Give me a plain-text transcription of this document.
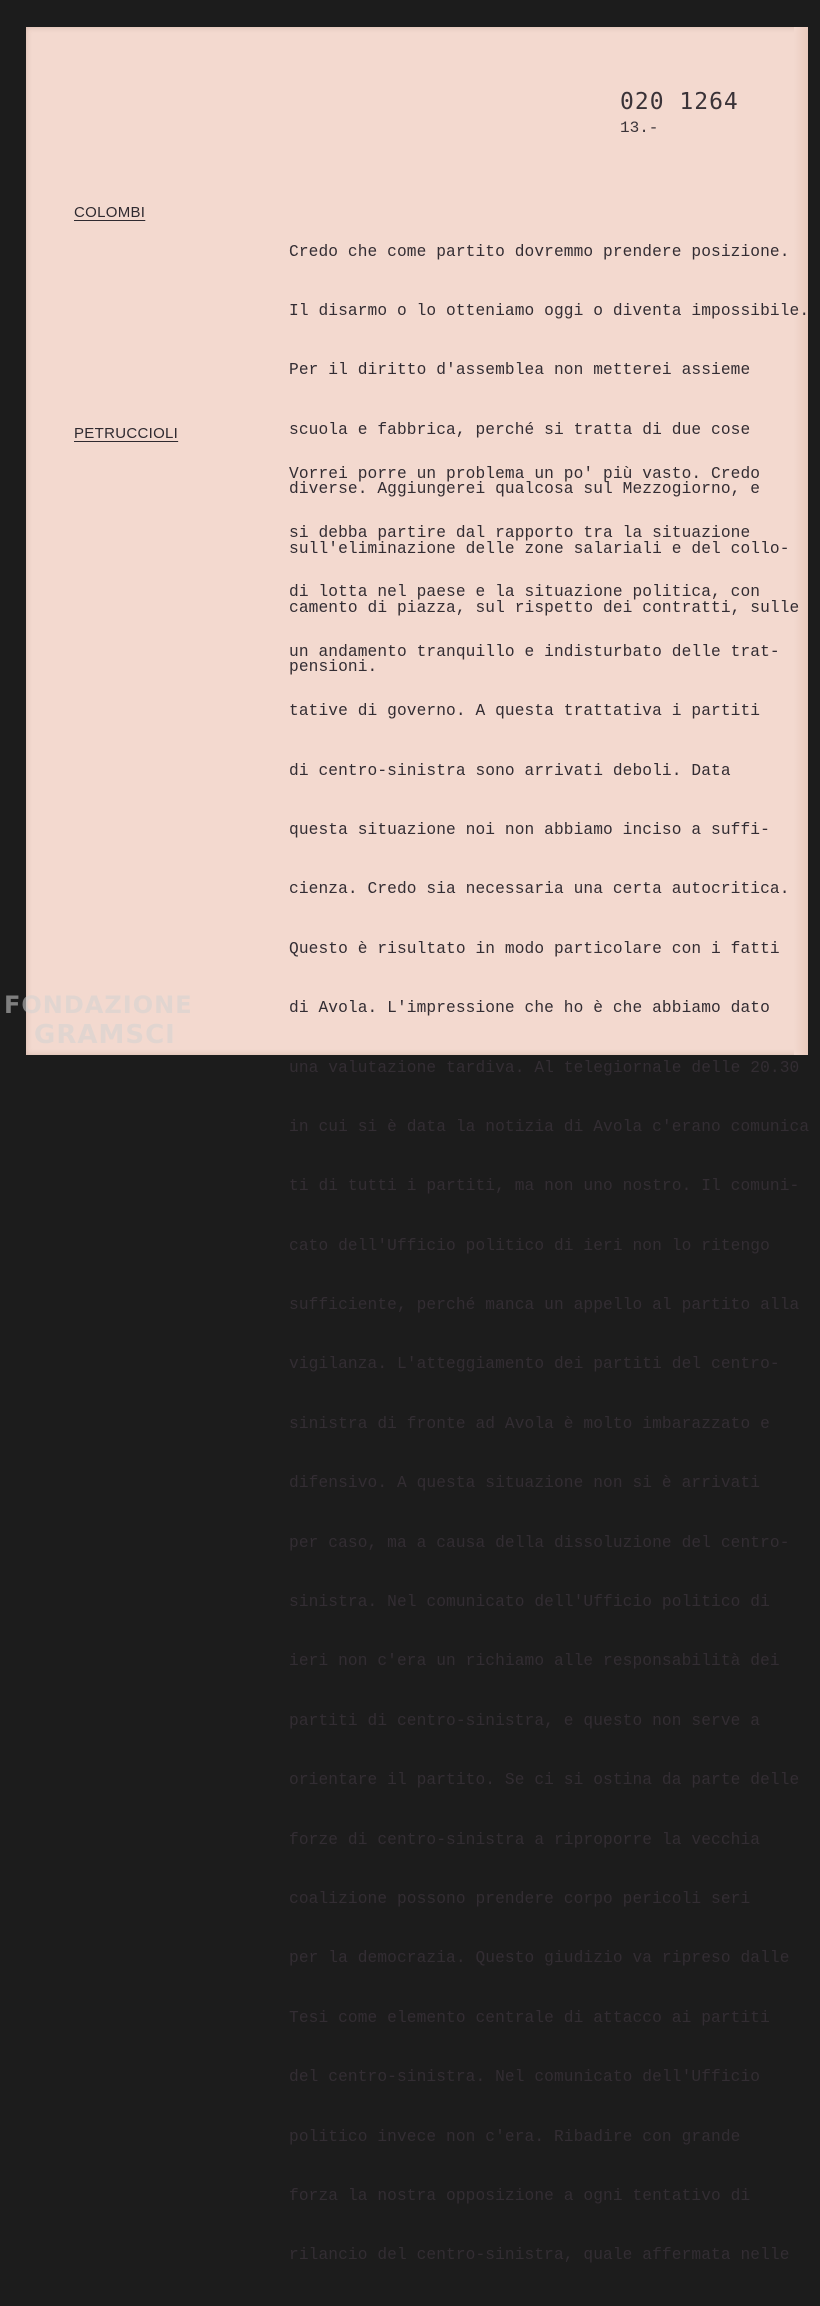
020 1264
13.-
COLOMBI

Credo che come partito dovremmo prendere posizione.

Il disarmo o lo otteniamo oggi o diventa impossibile.

Per il diritto d'assemblea non metterei assieme

scuola e fabbrica, perché si tratta di due cose

diverse. Aggiungerei qualcosa sul Mezzogiorno, e

sull'eliminazione delle zone salariali e del collo-

camento di piazza, sul rispetto dei contratti, sulle

pensioni.

PETRUCCIOLI

Vorrei porre un problema un po' più vasto. Credo

si debba partire dal rapporto tra la situazione

di lotta nel paese e la situazione politica, con

un andamento tranquillo e indisturbato delle trat-

tative di governo. A questa trattativa i partiti

di centro-sinistra sono arrivati deboli. Data

questa situazione noi non abbiamo inciso a suffi-

cienza. Credo sia necessaria una certa autocritica.

Questo è risultato in modo particolare con i fatti

di Avola. L'impressione che ho è che abbiamo dato

una valutazione tardiva. Al telegiornale delle 20.30

in cui si è data la notizia di Avola c'erano comunica

ti di tutti i partiti, ma non uno nostro. Il comuni-

cato dell'Ufficio politico di ieri non lo ritengo

sufficiente, perché manca un appello al partito alla

vigilanza. L'atteggiamento dei partiti del centro-

sinistra di fronte ad Avola è molto imbarazzato e

difensivo. A questa situazione non si è arrivati

per caso, ma a causa della dissoluzione del centro-

sinistra. Nel comunicato dell'Ufficio politico di

ieri non c'era un richiamo alle responsabilità dei

partiti di centro-sinistra, e questo non serve a

orientare il partito. Se ci si ostina da parte delle

forze di centro-sinistra a riproporre la vecchia

coalizione possono prendere corpo pericoli seri

per la democrazia. Questo giudizio va ripreso dalle

Tesi come elemento centrale di attacco ai partiti

del centro-sinistra. Nel comunicato dell'Ufficio

politico invece non c'era. Ribadire con grande

forza la nostra opposizione a ogni tentativo di

rilancio del centro-sinistra, quale affermata nelle

FONDAZIONE
GRAMSCI
